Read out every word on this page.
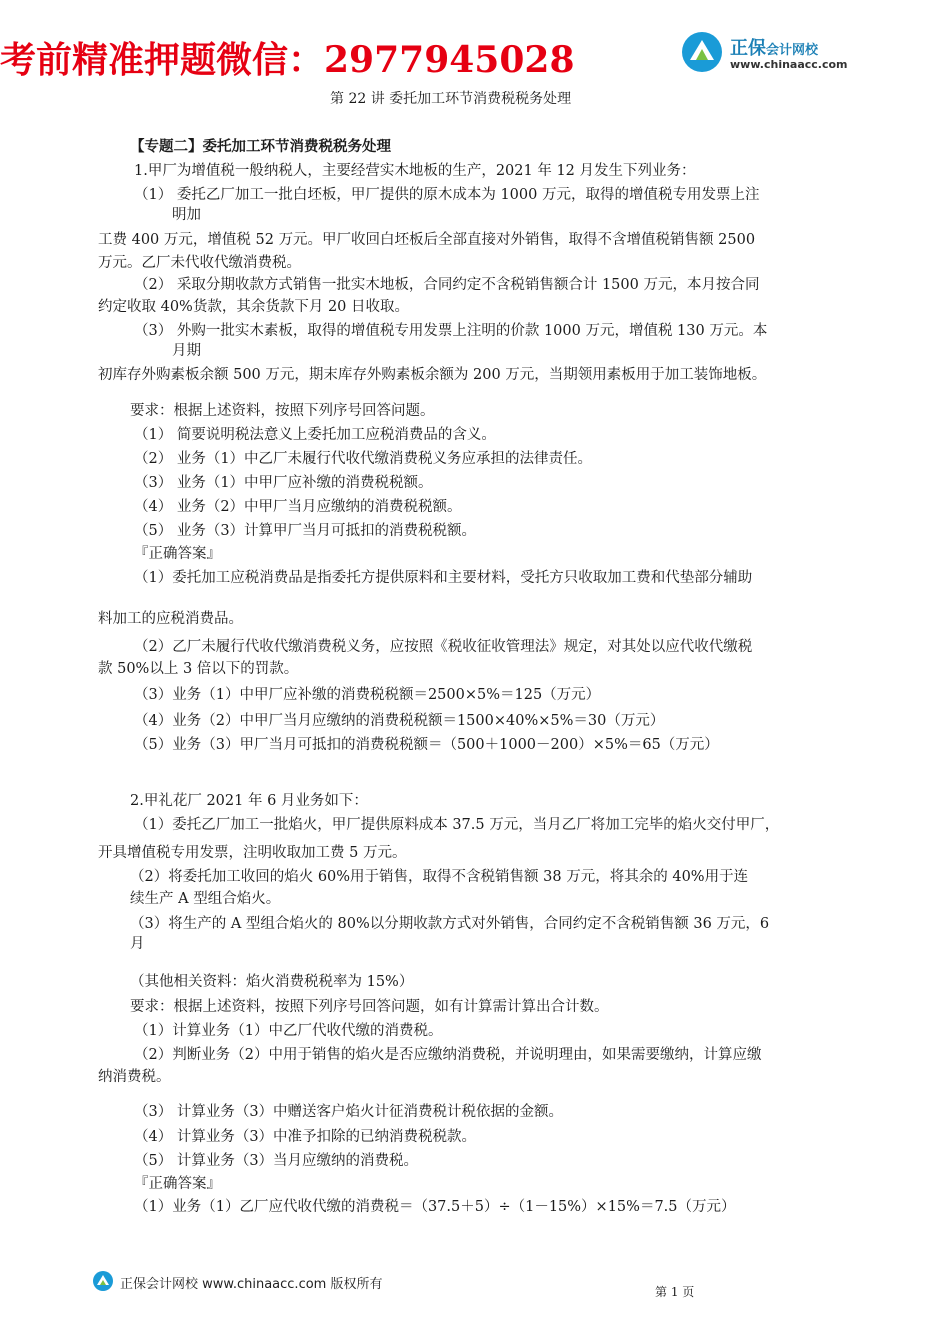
考前精准押题微信：2977945028	正保会计网校
www.chinaacc.com
第 22 讲 委托加工环节消费税税务处理
【专题二】委托加工环节消费税税务处理
1.甲厂为增值税一般纳税人，主要经营实木地板的生产，2021 年 12 月发生下列业务：
（1） 委托乙厂加工一批白坯板，甲厂提供的原木成本为 1000 万元，取得的增值税专用发票上注
明加
工费 400 万元，增值税 52 万元。甲厂收回白坯板后全部直接对外销售，取得不含增值税销售额 2500
万元。乙厂未代收代缴消费税。
（2） 采取分期收款方式销售一批实木地板，合同约定不含税销售额合计 1500 万元，本月按合同
约定收取 40%货款，其余货款下月 20 日收取。
（3） 外购一批实木素板，取得的增值税专用发票上注明的价款 1000 万元，增值税 130 万元。本
月期
初库存外购素板余额 500 万元，期末库存外购素板余额为 200 万元，当期领用素板用于加工装饰地板。
要求：根据上述资料，按照下列序号回答问题。
（1） 简要说明税法意义上委托加工应税消费品的含义。
（2） 业务（1）中乙厂未履行代收代缴消费税义务应承担的法律责任。
（3） 业务（1）中甲厂应补缴的消费税税额。
（4） 业务（2）中甲厂当月应缴纳的消费税税额。
（5） 业务（3）计算甲厂当月可抵扣的消费税税额。
『正确答案』
（1）委托加工应税消费品是指委托方提供原料和主要材料，受托方只收取加工费和代垫部分辅助
料加工的应税消费品。
（2）乙厂未履行代收代缴消费税义务，应按照《税收征收管理法》规定，对其处以应代收代缴税
款 50%以上 3 倍以下的罚款。
（3）业务（1）中甲厂应补缴的消费税税额＝2500×5%＝125（万元）
（4）业务（2）中甲厂当月应缴纳的消费税税额＝1500×40%×5%＝30（万元）
（5）业务（3）甲厂当月可抵扣的消费税税额＝（500＋1000－200）×5%＝65（万元）
2.甲礼花厂 2021 年 6 月业务如下：
（1）委托乙厂加工一批焰火，甲厂提供原料成本 37.5 万元，当月乙厂将加工完毕的焰火交付甲厂，
开具增值税专用发票，注明收取加工费 5 万元。
（2）将委托加工收回的焰火 60%用于销售，取得不含税销售额 38 万元，将其余的 40%用于连
续生产 A 型组合焰火。
（3）将生产的 A 型组合焰火的 80%以分期收款方式对外销售，合同约定不含税销售额 36 万元，6
月
（其他相关资料：焰火消费税税率为 15%）
要求：根据上述资料，按照下列序号回答问题，如有计算需计算出合计数。
（1）计算业务（1）中乙厂代收代缴的消费税。
（2）判断业务（2）中用于销售的焰火是否应缴纳消费税，并说明理由，如果需要缴纳，计算应缴
纳消费税。
（3） 计算业务（3）中赠送客户焰火计征消费税计税依据的金额。
（4） 计算业务（3）中准予扣除的已纳消费税税款。
（5） 计算业务（3）当月应缴纳的消费税。
『正确答案』
（1）业务（1）乙厂应代收代缴的消费税＝（37.5＋5）÷（1－15%）×15%＝7.5（万元）
正保会计网校 www.chinaacc.com 版权所有	第 1 页
